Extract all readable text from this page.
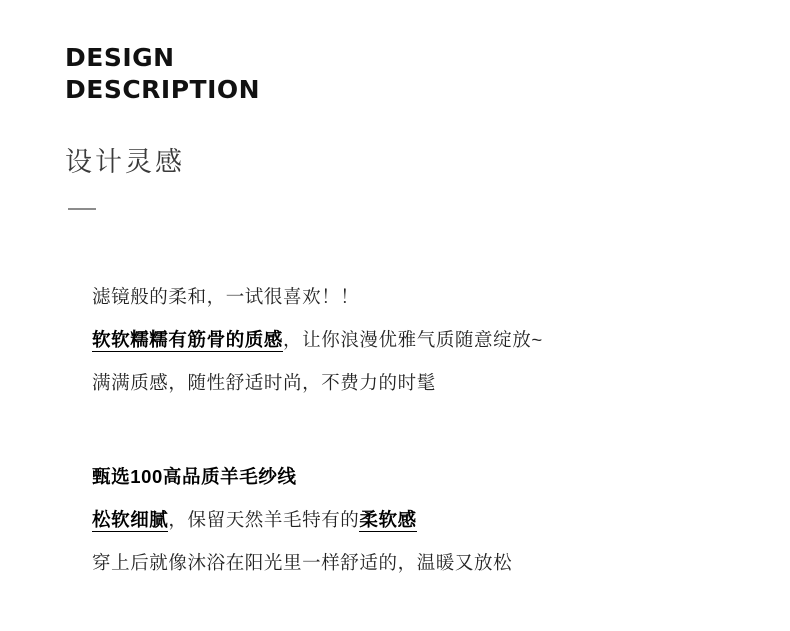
DESIGN
DESCRIPTION
设计灵感
滤镜般的柔和，一试很喜欢！！
软软糯糯有筋骨的质感，让你浪漫优雅气质随意绽放~
满满质感，随性舒适时尚，不费力的时髦
甄选100高品质羊毛纱线
松软细腻，保留天然羊毛特有的柔软感
穿上后就像沐浴在阳光里一样舒适的，温暖又放松
